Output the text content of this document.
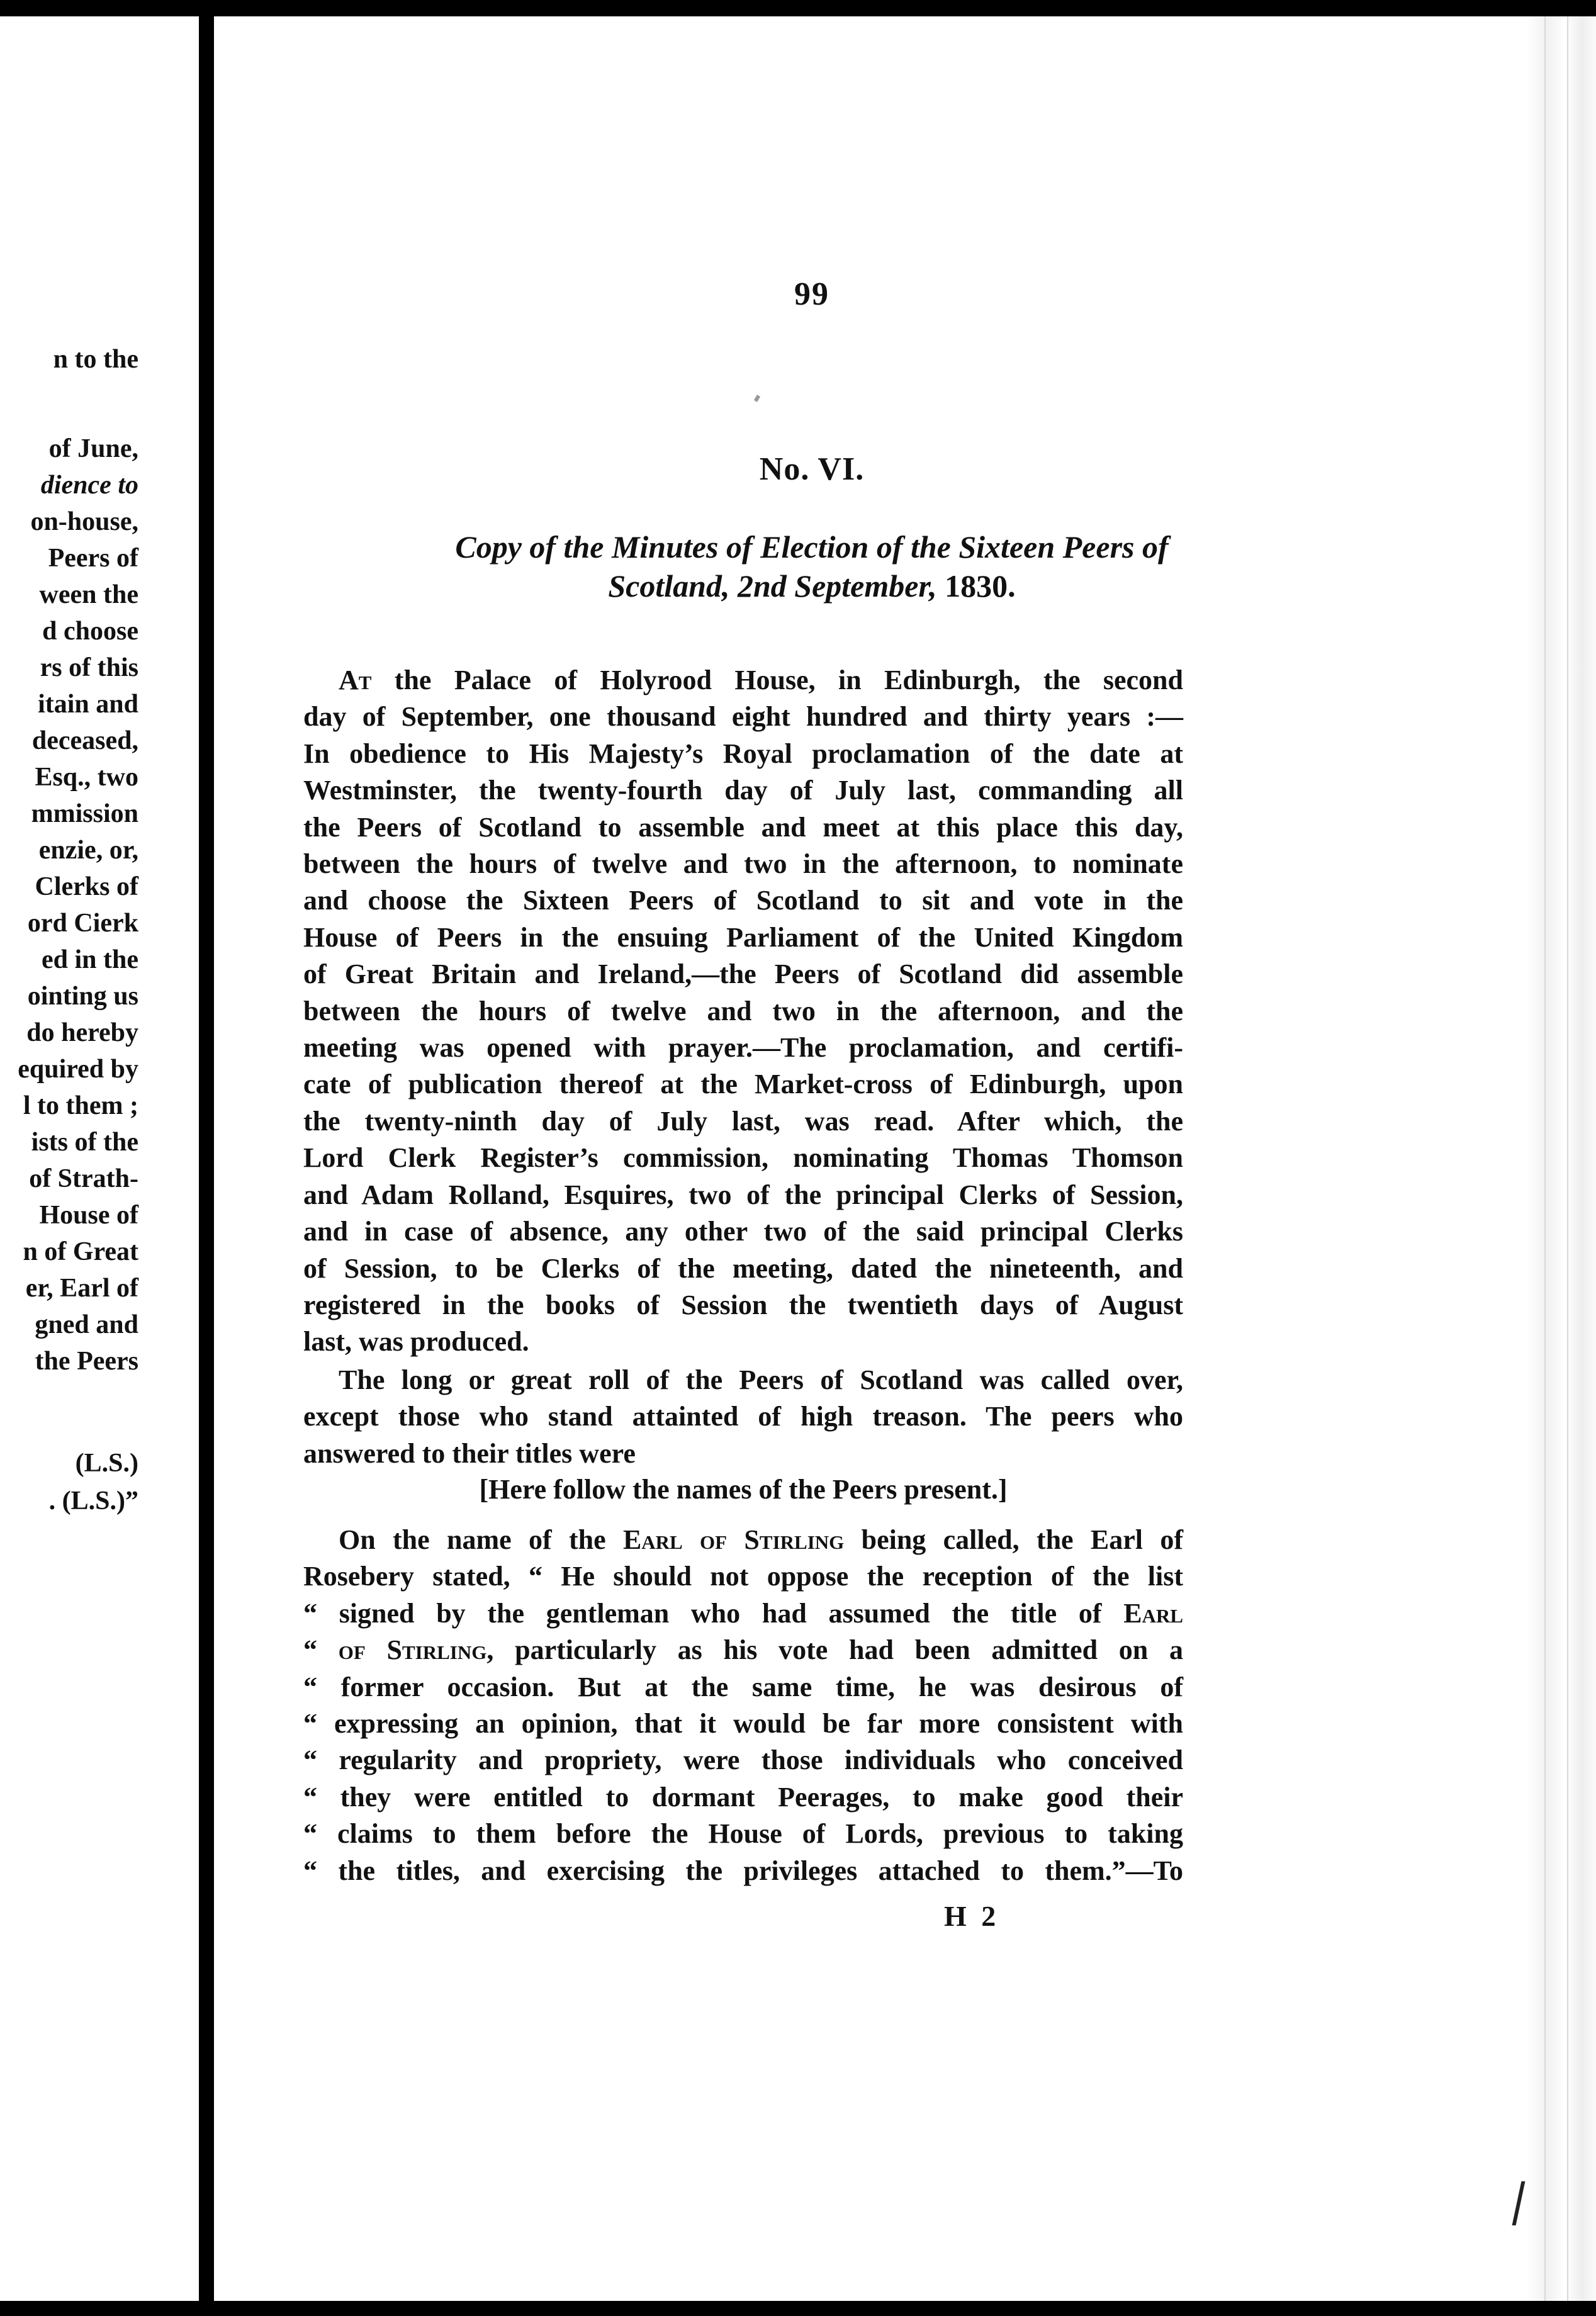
n to the
of June,
dience to
on-house,
Peers of
ween the
d choose
rs of this
itain and
deceased,
Esq., two
mmission
enzie, or,
Clerks of
ord Cierk
ed in the
ointing us
do hereby
equired by
l to them ;
ists of the
of Strath-
House of
n of Great
er, Earl of
gned and
the Peers
(L.S.)
. (L.S.)”
99
No. VI.
Copy of the Minutes of Election of the Sixteen Peers of
Scotland, 2nd September, 1830.
At the Palace of Holyrood House, in Edinburgh, the second
day of September, one thousand eight hundred and thirty years :—
In obedience to His Majesty’s Royal proclamation of the date at
Westminster, the twenty-fourth day of July last, commanding all
the Peers of Scotland to assemble and meet at this place this day,
between the hours of twelve and two in the afternoon, to nominate
and choose the Sixteen Peers of Scotland to sit and vote in the
House of Peers in the ensuing Parliament of the United Kingdom
of Great Britain and Ireland,—the Peers of Scotland did assemble
between the hours of twelve and two in the afternoon, and the
meeting was opened with prayer.—The proclamation, and certifi-
cate of publication thereof at the Market-cross of Edinburgh, upon
the twenty-ninth day of July last, was read. After which, the
Lord Clerk Register’s commission, nominating Thomas Thomson
and Adam Rolland, Esquires, two of the principal Clerks of Session,
and in case of absence, any other two of the said principal Clerks
of Session, to be Clerks of the meeting, dated the nineteenth, and
registered in the books of Session the twentieth days of August
last, was produced.
The long or great roll of the Peers of Scotland was called over,
except those who stand attainted of high treason. The peers who
answered to their titles were
[Here follow the names of the Peers present.]
On the name of the Earl of Stirling being called, the Earl of
Rosebery stated, “ He should not oppose the reception of the list
“ signed by the gentleman who had assumed the title of Earl
“ of Stirling, particularly as his vote had been admitted on a
“ former occasion. But at the same time, he was desirous of
“ expressing an opinion, that it would be far more consistent with
“ regularity and propriety, were those individuals who conceived
“ they were entitled to dormant Peerages, to make good their
“ claims to them before the House of Lords, previous to taking
“ the titles, and exercising the privileges attached to them.”—To
H 2
